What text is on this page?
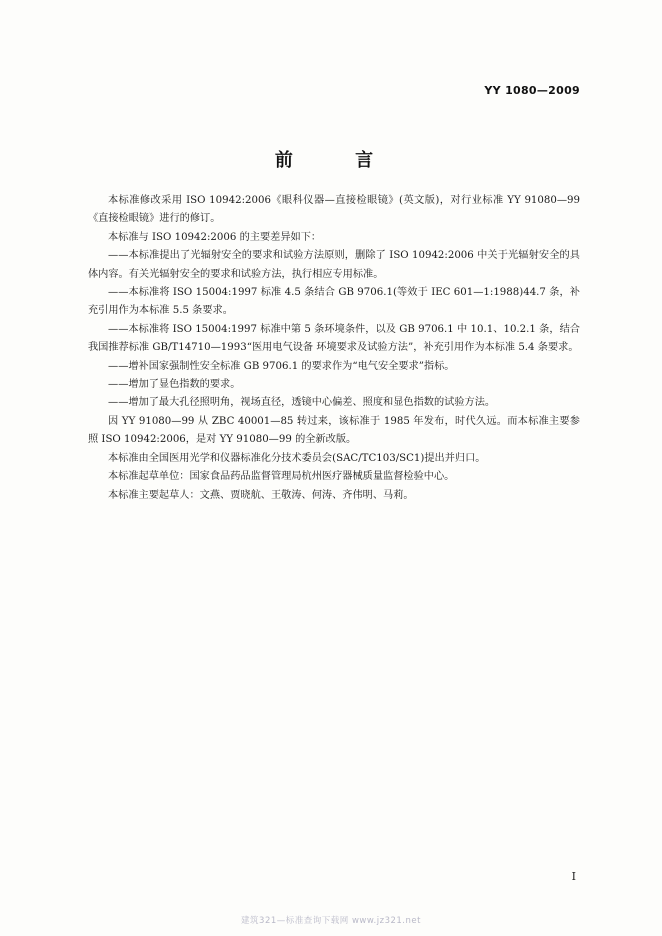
YY 1080—2009
前 言

本标准修改采用 ISO 10942:2006《眼科仪器—直接检眼镜》(英文版)，对行业标准 YY 91080—99《直接检眼镜》进行的修订。

本标准与 ISO 10942:2006 的主要差异如下：

——本标准提出了光辐射安全的要求和试验方法原则，删除了 ISO 10942:2006 中关于光辐射安全的具体内容。有关光辐射安全的要求和试验方法，执行相应专用标准。

——本标准将 ISO 15004:1997 标准 4.5 条结合 GB 9706.1(等效于 IEC 601—1:1988)44.7 条，补充引用作为本标准 5.5 条要求。

——本标准将 ISO 15004:1997 标准中第 5 条环境条件，以及 GB 9706.1 中 10.1、10.2.1 条，结合我国推荐标准 GB/T14710—1993“医用电气设备 环境要求及试验方法”，补充引用作为本标准 5.4 条要求。

——增补国家强制性安全标准 GB 9706.1 的要求作为“电气安全要求”指标。

——增加了显色指数的要求。

——增加了最大孔径照明角，视场直径，透镜中心偏差、照度和显色指数的试验方法。

因 YY 91080—99 从 ZBC 40001—85 转过来，该标准于 1985 年发布，时代久远。而本标准主要参照 ISO 10942:2006，是对 YY 91080—99 的全新改版。

本标准由全国医用光学和仪器标准化分技术委员会(SAC/TC103/SC1)提出并归口。

本标准起草单位：国家食品药品监督管理局杭州医疗器械质量监督检验中心。

本标准主要起草人：文燕、贾晓航、王敬涛、何涛、齐伟明、马莉。

I
建筑321—标准查询下载网 www.jz321.net
